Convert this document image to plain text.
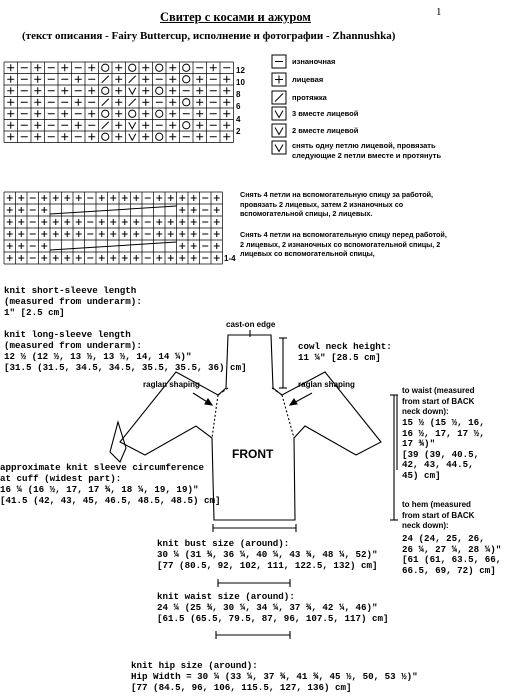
Свитер с косами и ажуром	1
(текст описания - Fairy Buttercup, исполнение и фотографии - Zhannushka)
12
10
8
6
4
2
изнаночная
лицевая
протяжка
3 вместе лицевой
2 вместе лицевой
снять одну петлю лицевой, провязать следующие 2 петли вместе и протянуть
1-4
Снять 4 петли на вспомогательную спицу за работой, провязать 2 лицевых, затем 2 изнаночных со вспомогательной спицы, 2 лицевых.
Снять 4 петли на вспомогательную спицу перед работой, 2 лицевых, 2 изнаночных со вспомогательной спицы, 2 лицевых со вспомогательной спицы,
knit short-sleeve length
(measured from underarm):
1" [2.5 cm]
knit long-sleeve length
(measured from underarm):
12 ½ (12 ½, 13 ½, 13 ½, 14, 14 ¼)"
[31.5 (31.5, 34.5, 34.5, 35.5, 35.5, 36) cm]
cast-on edge
cowl neck height:
11 ¼" [28.5 cm]
raglan shaping	raglan shaping
to waist (measured
from start of BACK
neck down):
15 ½ (15 ½, 16,
16 ½, 17, 17 ½,
17 ¾)"
[39 (39, 40.5,
42, 43, 44.5,
45) cm]
to hem (measured
from start of BACK
neck down):
24 (24, 25, 26,
26 ¼, 27 ¼, 28 ¼)"
[61 (61, 63.5, 66,
66.5, 69, 72) cm]
FRONT
approximate knit sleeve circumference
at cuff (widest part):
16 ¼ (16 ½, 17, 17 ¾, 18 ¼, 19, 19)"
[41.5 (42, 43, 45, 46.5, 48.5, 48.5) cm]
knit bust size (around):
30 ¼ (31 ¾, 36 ¼, 40 ¼, 43 ¾, 48 ¼, 52)"
[77 (80.5, 92, 102, 111, 122.5, 132) cm]
knit waist size (around):
24 ¼ (25 ¾, 30 ¼, 34 ¼, 37 ¾, 42 ¼, 46)"
[61.5 (65.5, 79.5, 87, 96, 107.5, 117) cm]
knit hip size (around):
Hip Width = 30 ¼ (33 ¼, 37 ¾, 41 ¾, 45 ½, 50, 53 ½)"
[77 (84.5, 96, 106, 115.5, 127, 136) cm]
